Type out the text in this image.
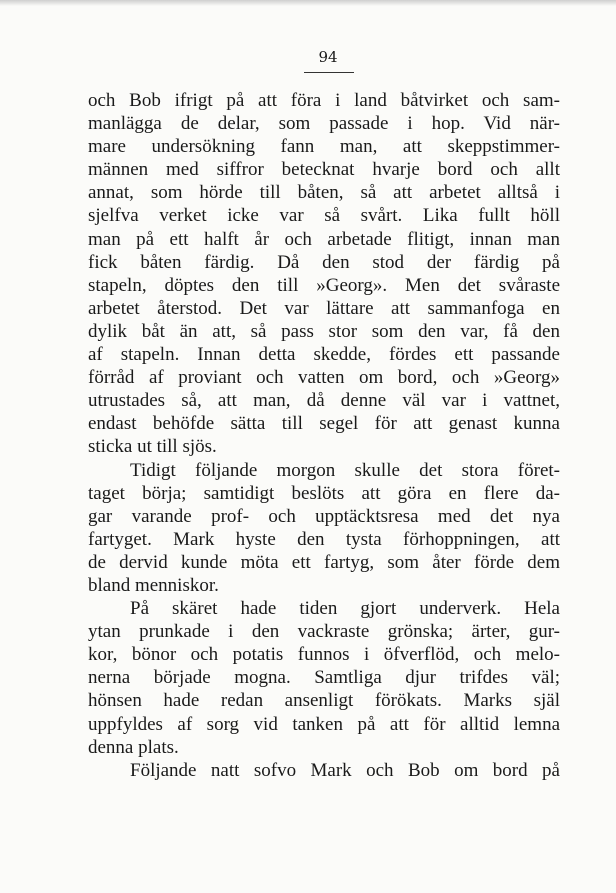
94
och Bob ifrigt på att föra i land båtvirket och sam-
manlägga de delar, som passade i hop. Vid när-
mare undersökning fann man, att skeppstimmer-
männen med siffror betecknat hvarje bord och allt
annat, som hörde till båten, så att arbetet alltså i
sjelfva verket icke var så svårt. Lika fullt höll
man på ett halft år och arbetade flitigt, innan man
fick båten färdig. Då den stod der färdig på
stapeln, döptes den till »Georg». Men det svåraste
arbetet återstod. Det var lättare att sammanfoga en
dylik båt än att, så pass stor som den var, få den
af stapeln. Innan detta skedde, fördes ett passande
förråd af proviant och vatten om bord, och »Georg»
utrustades så, att man, då denne väl var i vattnet,
endast behöfde sätta till segel för att genast kunna
sticka ut till sjös.
Tidigt följande morgon skulle det stora föret-
taget börja; samtidigt beslöts att göra en flere da-
gar varande prof- och upptäcktsresa med det nya
fartyget. Mark hyste den tysta förhoppningen, att
de dervid kunde möta ett fartyg, som åter förde dem
bland menniskor.
På skäret hade tiden gjort underverk. Hela
ytan prunkade i den vackraste grönska; ärter, gur-
kor, bönor och potatis funnos i öfverflöd, och melo-
nerna började mogna. Samtliga djur trifdes väl;
hönsen hade redan ansenligt förökats. Marks själ
uppfyldes af sorg vid tanken på att för alltid lemna
denna plats.
Följande natt sofvo Mark och Bob om bord på
